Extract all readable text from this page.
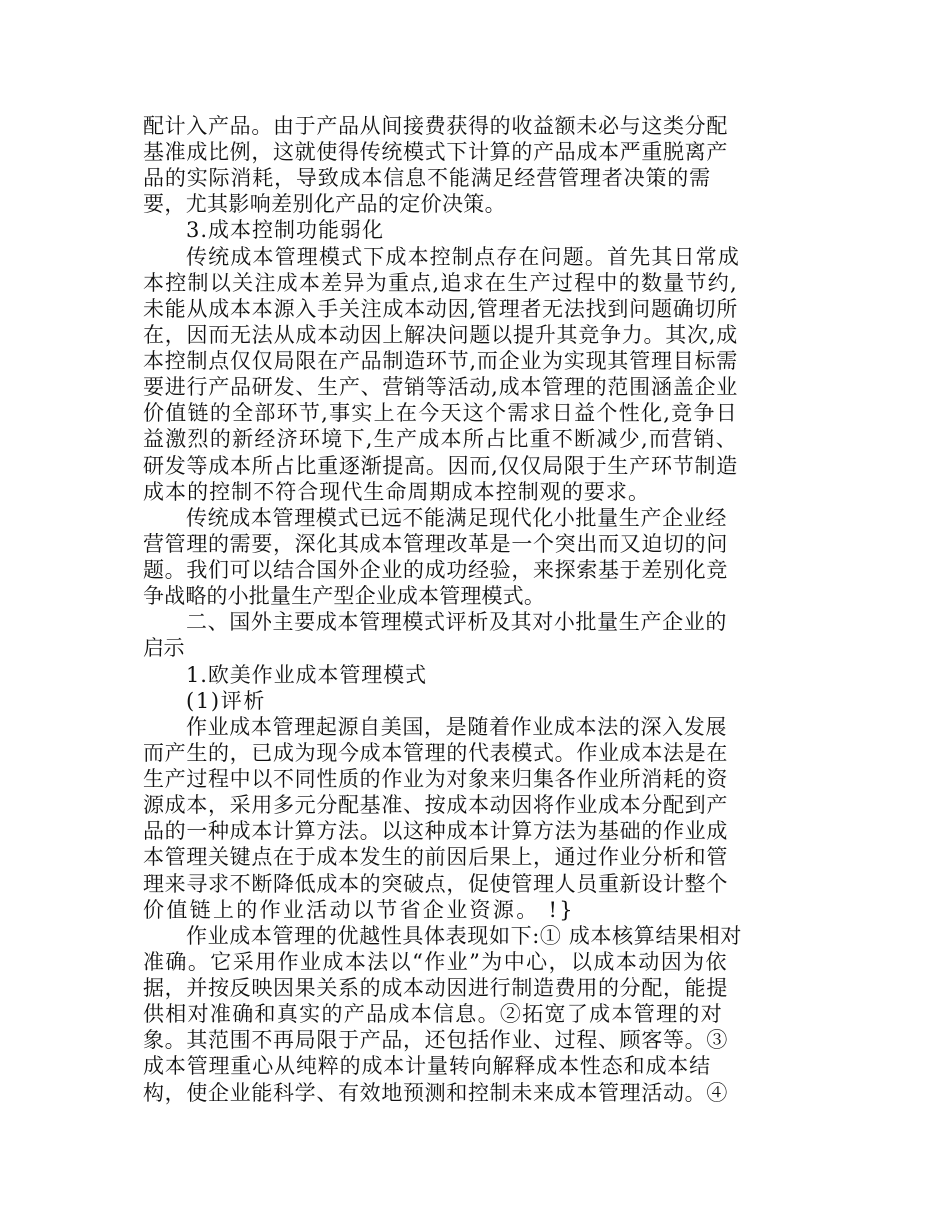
配计入产品。由于产品从间接费获得的收益额未必与这类分配
基准成比例，这就使得传统模式下计算的产品成本严重脱离产
品的实际消耗，导致成本信息不能满足经营管理者决策的需
要，尤其影响差别化产品的定价决策。
3.成本控制功能弱化
传统成本管理模式下成本控制点存在问题。首先其日常成
本控制以关注成本差异为重点,追求在生产过程中的数量节约,
未能从成本本源入手关注成本动因,管理者无法找到问题确切所
在，因而无法从成本动因上解决问题以提升其竞争力。其次,成
本控制点仅仅局限在产品制造环节,而企业为实现其管理目标需
要进行产品研发、生产、营销等活动,成本管理的范围涵盖企业
价值链的全部环节,事实上在今天这个需求日益个性化,竞争日
益激烈的新经济环境下,生产成本所占比重不断减少,而营销、
研发等成本所占比重逐渐提高。因而,仅仅局限于生产环节制造
成本的控制不符合现代生命周期成本控制观的要求。
传统成本管理模式已远不能满足现代化小批量生产企业经
营管理的需要，深化其成本管理改革是一个突出而又迫切的问
题。我们可以结合国外企业的成功经验，来探索基于差别化竞
争战略的小批量生产型企业成本管理模式。
二、国外主要成本管理模式评析及其对小批量生产企业的
启示
1.欧美作业成本管理模式
(1)评析
作业成本管理起源自美国，是随着作业成本法的深入发展
而产生的，已成为现今成本管理的代表模式。作业成本法是在
生产过程中以不同性质的作业为对象来归集各作业所消耗的资
源成本，采用多元分配基准、按成本动因将作业成本分配到产
品的一种成本计算方法。以这种成本计算方法为基础的作业成
本管理关键点在于成本发生的前因后果上，通过作业分析和管
理来寻求不断降低成本的突破点，促使管理人员重新设计整个
价值链上的作业活动以节省企业资源。 !}
作业成本管理的优越性具体表现如下:① 成本核算结果相对
准确。它采用作业成本法以“作业”为中心，以成本动因为依
据，并按反映因果关系的成本动因进行制造费用的分配，能提
供相对准确和真实的产品成本信息。②拓宽了成本管理的对
象。其范围不再局限于产品，还包括作业、过程、顾客等。③
成本管理重心从纯粹的成本计量转向解释成本性态和成本结
构，使企业能科学、有效地预测和控制未来成本管理活动。④
